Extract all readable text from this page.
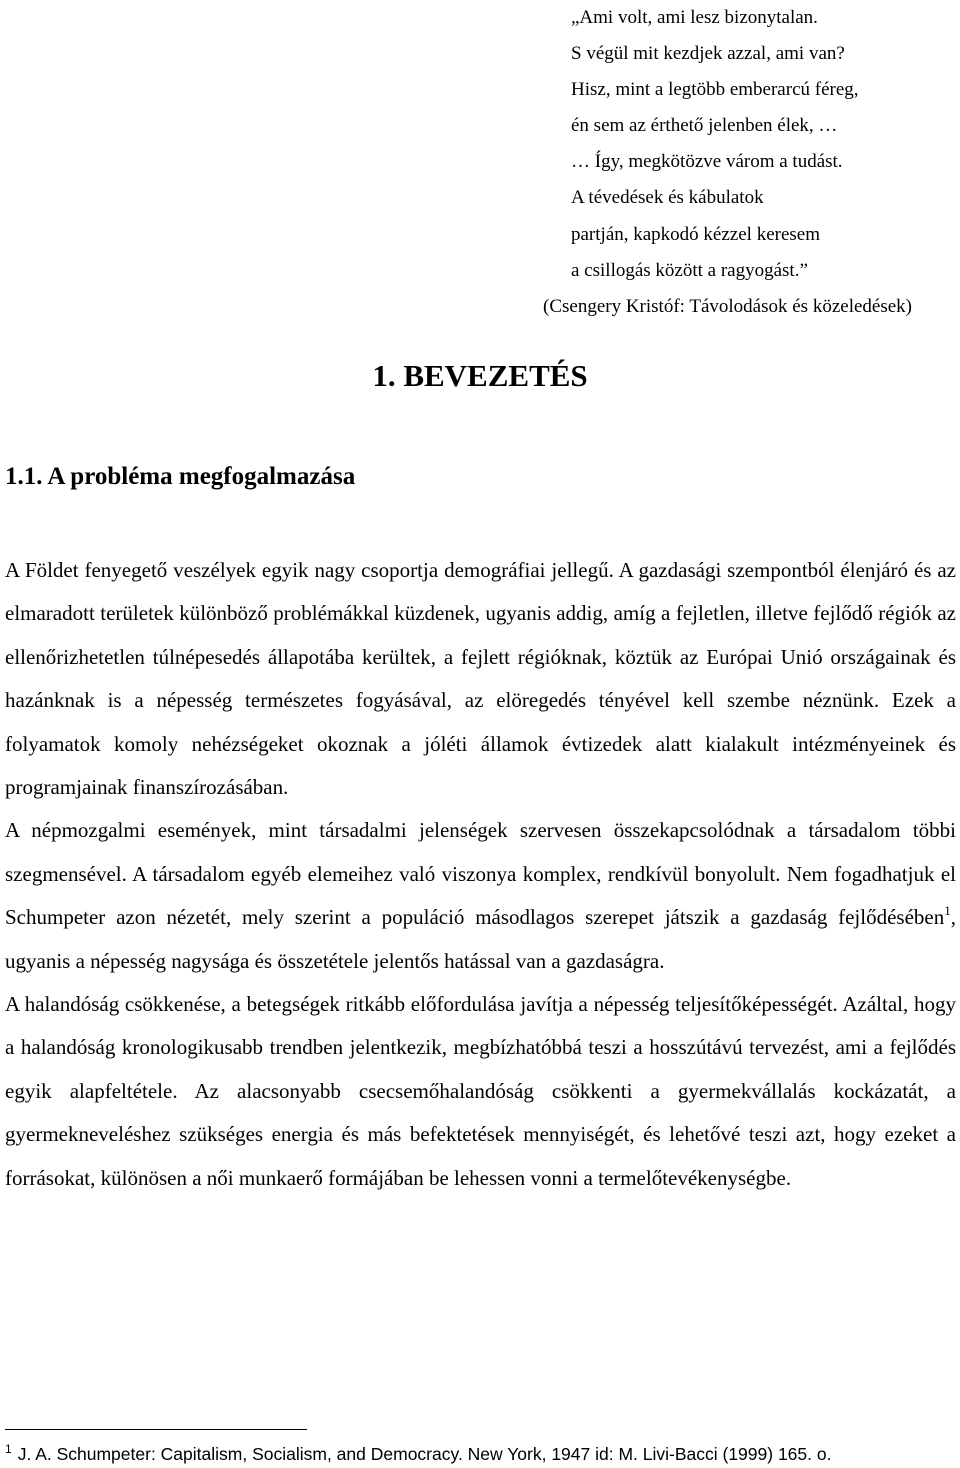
„Ami volt, ami lesz bizonytalan.
S végül mit kezdjek azzal, ami van?
Hisz, mint a legtöbb emberarcú féreg,
én sem az érthető jelenben élek, …
… Így, megkötözve várom a tudást.
A tévedések és kábulatok
partján, kapkodó kézzel keresem
a csillogás között a ragyogást.”
(Csengery Kristóf: Távolodások és közeledések)
1. BEVEZETÉS
1.1. A probléma megfogalmazása

A Földet fenyegető veszélyek egyik nagy csoportja demográfiai jellegű. A gazdasági szempontból élenjáró és az elmaradott területek különböző problémákkal küzdenek, ugyanis addig, amíg a fejletlen, illetve fejlődő régiók az ellenőrizhetetlen túlnépesedés állapotába kerültek, a fejlett régióknak, köztük az Európai Unió országainak és hazánknak is a népesség természetes fogyásával, az elöregedés tényével kell szembe néznünk. Ezek a folyamatok komoly nehézségeket okoznak a jóléti államok évtizedek alatt kialakult intézményeinek és programjainak finanszírozásában.

A népmozgalmi események, mint társadalmi jelenségek szervesen összekapcsolódnak a társadalom többi szegmensével. A társadalom egyéb elemeihez való viszonya komplex, rendkívül bonyolult. Nem fogadhatjuk el Schumpeter azon nézetét, mely szerint a populáció másodlagos szerepet játszik a gazdaság fejlődésében$^1$, ugyanis a népesség nagysága és összetétele jelentős hatással van a gazdaságra.

A halandóság csökkenése, a betegségek ritkább előfordulása javítja a népesség teljesítőképességét. Azáltal, hogy a halandóság kronologikusabb trendben jelentkezik, megbízhatóbbá teszi a hosszútávú tervezést, ami a fejlődés egyik alapfeltétele. Az alacsonyabb csecsemőhalandóság csökkenti a gyermekvállalás kockázatát, a gyermekneveléshez szükséges energia és más befektetések mennyiségét, és lehetővé teszi azt, hogy ezeket a forrásokat, különösen a női munkaerő formájában be lehessen vonni a termelőtevékenységbe.

$^1$ J. A. Schumpeter: Capitalism, Socialism, and Democracy. New York, 1947 id: M. Livi-Bacci (1999) 165. o.
